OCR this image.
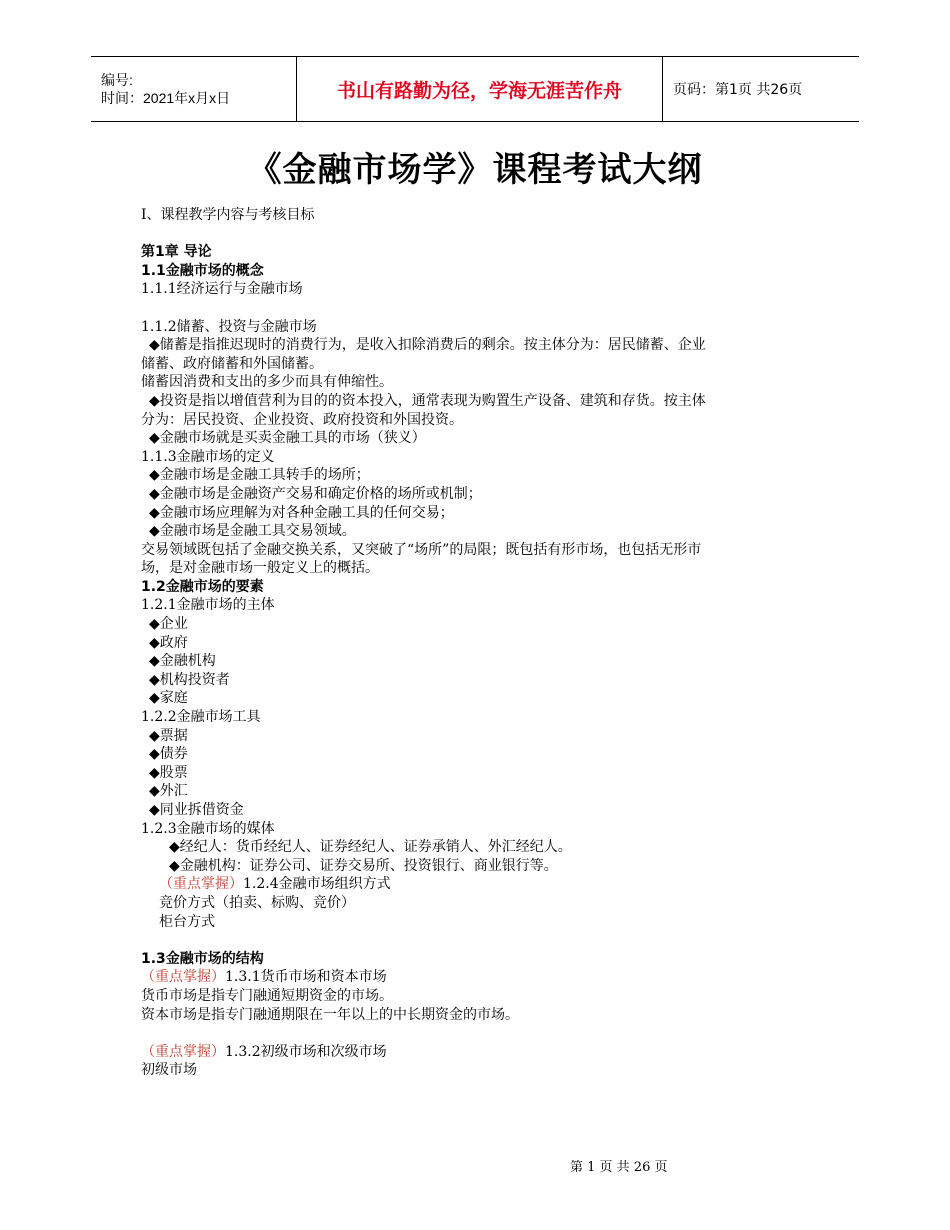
编号:
时间：2021年x月x日	书山有路勤为径，学海无涯苦作舟	页码：第1页 共26页
《金融市场学》课程考试大纲

I、课程教学内容与考核目标

第1章 导论

1.1金融市场的概念

1.1.1经济运行与金融市场

1.1.2储蓄、投资与金融市场

◆储蓄是指推迟现时的消费行为，是收入扣除消费后的剩余。按主体分为：居民储蓄、企业

储蓄、政府储蓄和外国储蓄。

储蓄因消费和支出的多少而具有伸缩性。

◆投资是指以增值营利为目的的资本投入，通常表现为购置生产设备、建筑和存货。按主体

分为：居民投资、企业投资、政府投资和外国投资。

◆金融市场就是买卖金融工具的市场（狭义）

1.1.3金融市场的定义

◆金融市场是金融工具转手的场所；

◆金融市场是金融资产交易和确定价格的场所或机制；

◆金融市场应理解为对各种金融工具的任何交易；

◆金融市场是金融工具交易领域。

交易领域既包括了金融交换关系，又突破了“场所”的局限；既包括有形市场，也包括无形市

场，是对金融市场一般定义上的概括。

1.2金融市场的要素

1.2.1金融市场的主体

◆企业

◆政府

◆金融机构

◆机构投资者

◆家庭

1.2.2金融市场工具

◆票据

◆债券

◆股票

◆外汇

◆同业拆借资金

1.2.3金融市场的媒体

◆经纪人：货币经纪人、证券经纪人、证券承销人、外汇经纪人。

◆金融机构：证券公司、证券交易所、投资银行、商业银行等。

（重点掌握）1.2.4金融市场组织方式

竞价方式（拍卖、标购、竞价）

柜台方式

1.3金融市场的结构

（重点掌握）1.3.1货币市场和资本市场

货币市场是指专门融通短期资金的市场。

资本市场是指专门融通期限在一年以上的中长期资金的市场。

（重点掌握）1.3.2初级市场和次级市场

初级市场

第 1 页 共 26 页
